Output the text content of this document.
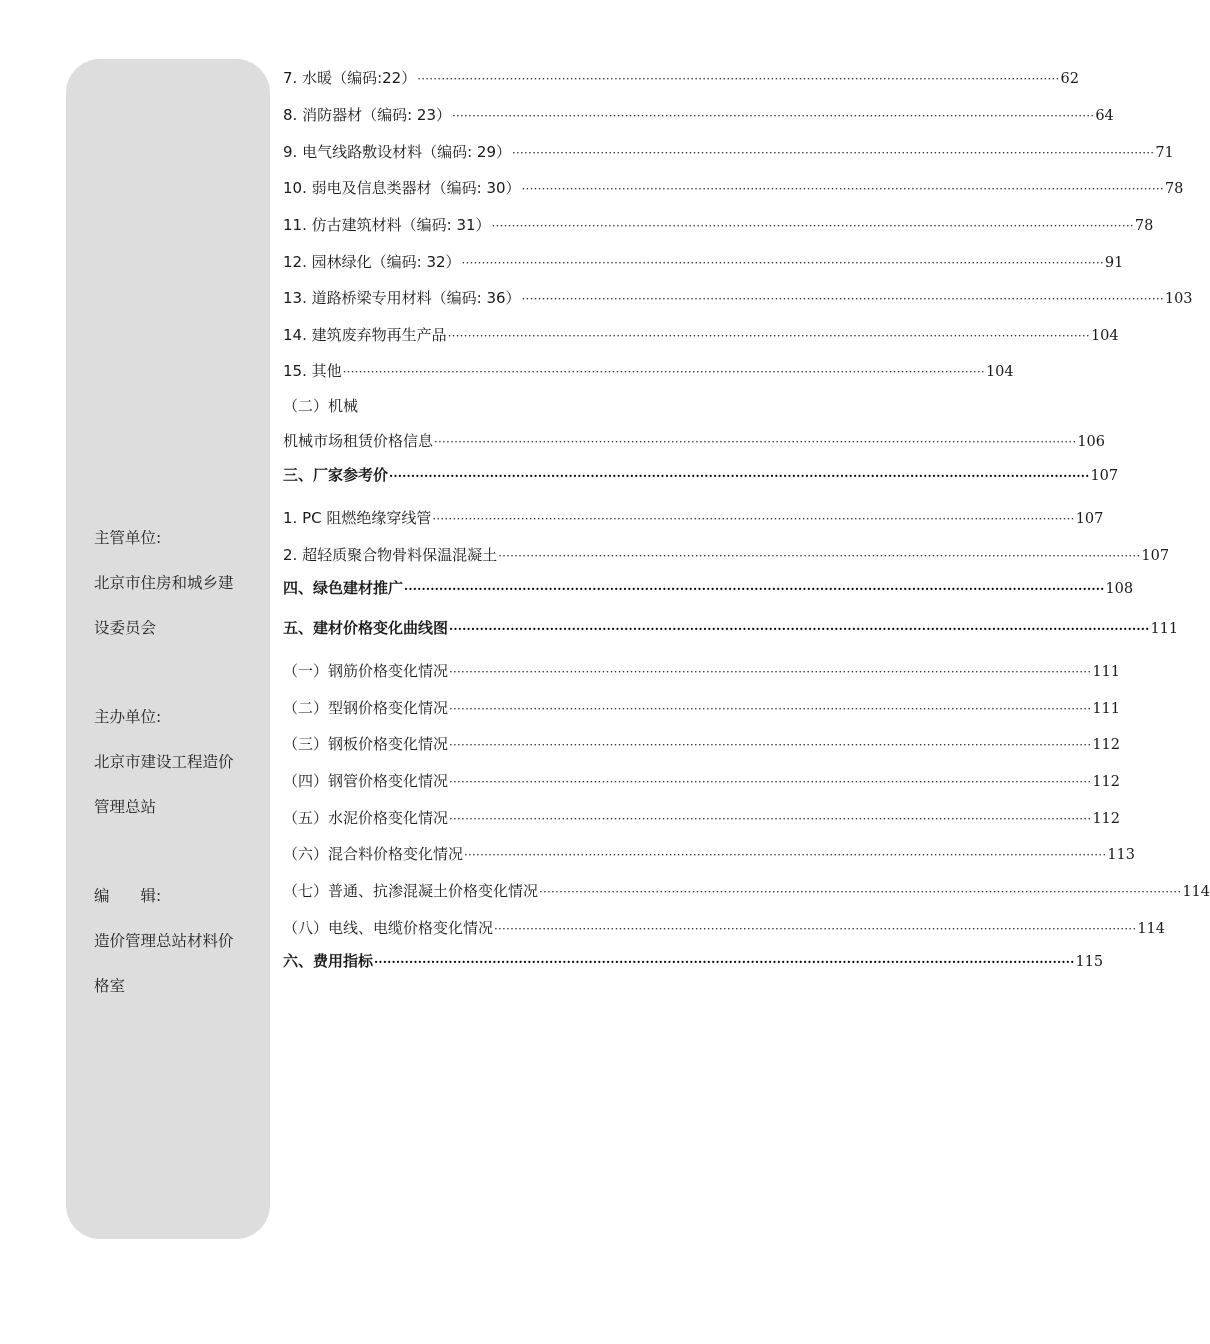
主管单位:
北京市住房和城乡建
设委员会
主办单位:
北京市建设工程造价
管理总站
编　　辑:
造价管理总站材料价
格室
7. 水暖（编码:22） ································································································································································ 62
8. 消防器材（编码: 23） ································································································································································ 64
9. 电气线路敷设材料（编码: 29） ································································································································································ 71
10. 弱电及信息类器材（编码: 30） ································································································································································ 78
11. 仿古建筑材料（编码: 31） ································································································································································ 78
12. 园林绿化（编码: 32） ································································································································································ 91
13. 道路桥梁专用材料（编码: 36） ································································································································································ 103
14. 建筑废弃物再生产品 ································································································································································ 104
15. 其他 ································································································································································ 104
（二）机械
机械市场租赁价格信息 ································································································································································ 106
三、厂家参考价 ································································································································································ 107
1. PC 阻燃绝缘穿线管 ································································································································································ 107
2. 超轻质聚合物骨料保温混凝土 ································································································································································ 107
四、绿色建材推广 ································································································································································ 108
五、建材价格变化曲线图 ································································································································································ 111
（一）钢筋价格变化情况 ································································································································································ 111
（二）型钢价格变化情况 ································································································································································ 111
（三）钢板价格变化情况 ································································································································································ 112
（四）钢管价格变化情况 ································································································································································ 112
（五）水泥价格变化情况 ································································································································································ 112
（六）混合料价格变化情况 ································································································································································ 113
（七）普通、抗渗混凝土价格变化情况 ································································································································································ 114
（八）电线、电缆价格变化情况 ································································································································································ 114
六、费用指标 ································································································································································ 115
